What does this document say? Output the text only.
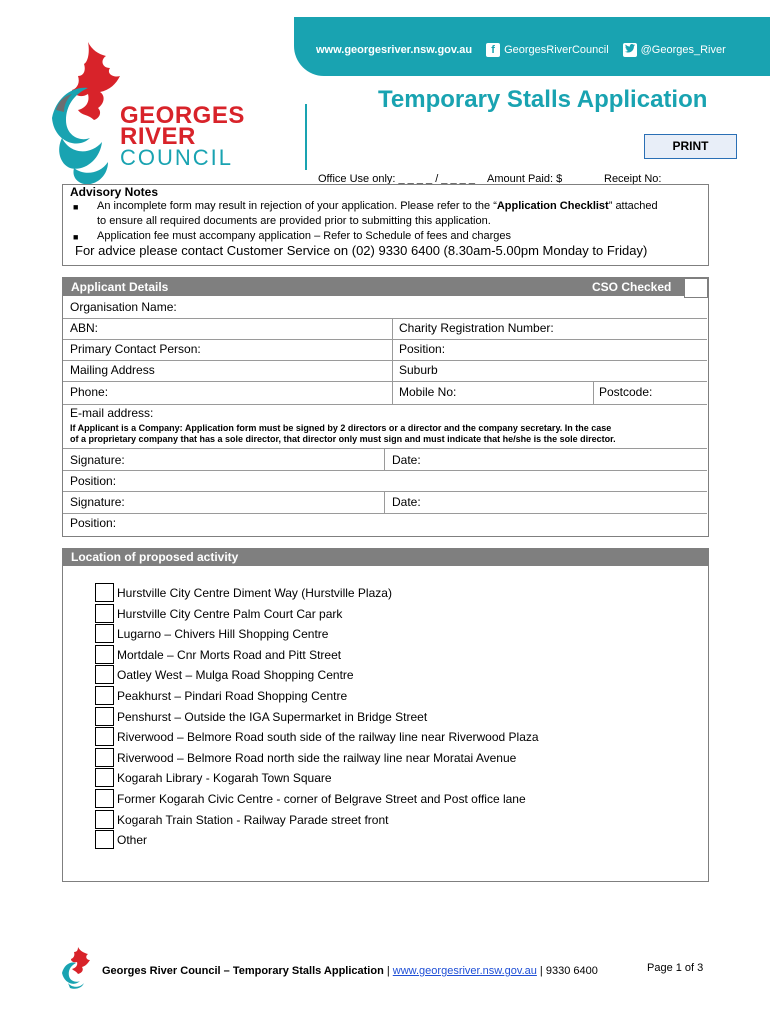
www.georgesriver.nsw.gov.au	f GeorgesRiverCouncil	@Georges_River
GEORGES
RIVER
COUNCIL
Temporary Stalls Application
PRINT
Office Use only: _ _ _ _ / _ _ _ _ Amount Paid: $	Receipt No:
Advisory Notes
■ An incomplete form may result in rejection of your application. Please refer to the “Application Checklist” attached
to ensure all required documents are provided prior to submitting this application.
■ Application fee must accompany application – Refer to Schedule of fees and charges
For advice please contact Customer Service on (02) 9330 6400 (8.30am-5.00pm Monday to Friday)
Applicant Details	CSO Checked
Organisation Name:
ABN:	Charity Registration Number:
Primary Contact Person:	Position:
Mailing Address	Suburb
Phone:	Mobile No:	Postcode:
E-mail address:
If Applicant is a Company: Application form must be signed by 2 directors or a director and the company secretary. In the case
of a proprietary company that has a sole director, that director only must sign and must indicate that he/she is the sole director.
Signature:	Date:
Position:
Signature:	Date:
Position:
Location of proposed activity
Hurstville City Centre Diment Way (Hurstville Plaza)
Hurstville City Centre Palm Court Car park
Lugarno – Chivers Hill Shopping Centre
Mortdale – Cnr Morts Road and Pitt Street
Oatley West – Mulga Road Shopping Centre
Peakhurst – Pindari Road Shopping Centre
Penshurst – Outside the IGA Supermarket in Bridge Street
Riverwood – Belmore Road south side of the railway line near Riverwood Plaza
Riverwood – Belmore Road north side the railway line near Moratai Avenue
Kogarah Library - Kogarah Town Square
Former Kogarah Civic Centre - corner of Belgrave Street and Post office lane
Kogarah Train Station - Railway Parade street front
Other
Georges River Council – Temporary Stalls Application | www.georgesriver.nsw.gov.au | 9330 6400	Page 1 of 3
